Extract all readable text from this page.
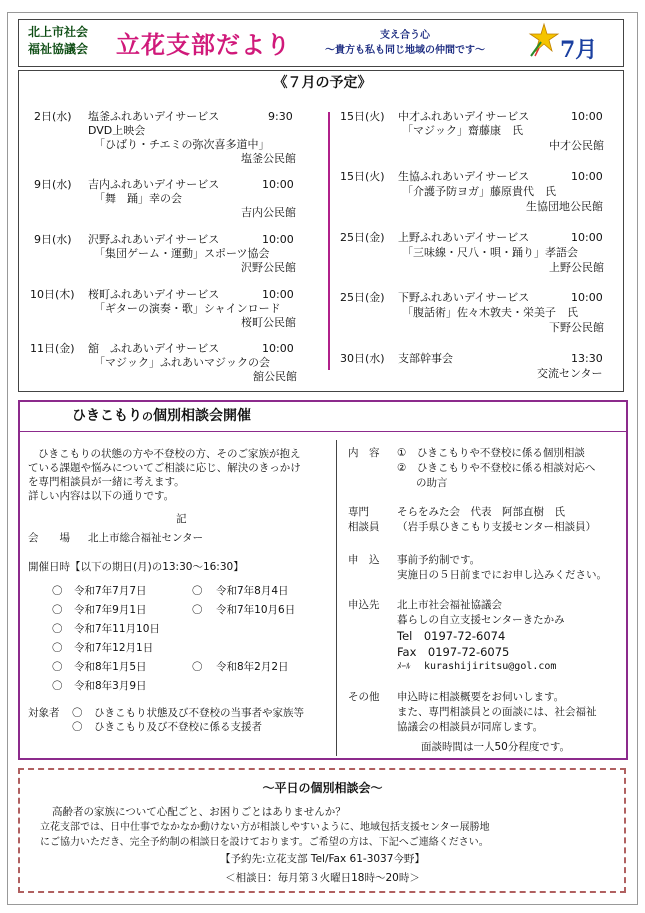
北上市社会
福祉協議会	立花支部だより	支え合う心
～貴方も私も同じ地域の仲間です～	7月
《７月の予定》
2日(水) 塩釜ふれあいデイサービス	9:30
DVD上映会
「ひばり・チエミの弥次喜多道中」
塩釜公民館
9日(水) 吉内ふれあいデイサービス	10:00
「舞　踊」幸の会
吉内公民館
9日(水) 沢野ふれあいデイサービス	10:00
「集団ゲーム・運動」スポーツ協会
沢野公民館
10日(木) 桜町ふれあいデイサービス	10:00
「ギターの演奏・歌」シャインロード
桜町公民館
11日(金) 舘　ふれあいデイサービス	10:00
「マジック」ふれあいマジックの会
舘公民館
15日(火) 中才ふれあいデイサービス	10:00
「マジック」齋藤康　氏
中才公民館
15日(火) 生協ふれあいデイサービス	10:00
「介護予防ヨガ」藤原貴代　氏
生協団地公民館
25日(金) 上野ふれあいデイサービス	10:00
「三味線・尺八・唄・踊り」孝語会
上野公民館
25日(金) 下野ふれあいデイサービス	10:00
「腹話術」佐々木敦夫・栄美子　氏
下野公民館
30日(水) 支部幹事会	13:30
交流センター
ひきこもりの個別相談会開催
ひきこもりの状態の方や不登校の方、そのご家族が抱え
ている課題や悩みについてご相談に応じ、解決のきっかけ
を専門相談員が一緒に考えます。
詳しい内容は以下の通りです。
記
会　　場 北上市総合福祉センター
開催日時【以下の期日(月)の13:30～16:30】
〇 令和7年7月7日	〇 令和7年8月4日
〇 令和7年9月1日	〇 令和7年10月6日
〇 令和7年11月10日
〇 令和7年12月1日
〇 令和8年1月5日	〇 令和8年2月2日
〇 令和8年3月9日
対象者 〇 ひきこもり状態及び不登校の当事者や家族等
〇 ひきこもり及び不登校に係る支援者
内　容 ①　ひきこもりや不登校に係る個別相談
②　ひきこもりや不登校に係る相談対応へ
の助言
専門
相談員
そらをみた会　代表　阿部直樹　氏
（岩手県ひきこもり支援センター相談員）
申　込 事前予約制です。
実施日の５日前までにお申し込みください。
申込先 北上市社会福祉協議会
暮らしの自立支援センターきたかみ
Tel　0197-72-6074
Fax　0197-72-6075
ﾒｰﾙ kurashijiritsu@gol.com
その他 申込時に相談概要をお伺いします。
また、専門相談員との面談には、社会福祉
協議会の相談員が同席します。
面談時間は一人50分程度です。
～平日の個別相談会～
高齢者の家族について心配ごと、お困りごとはありませんか？
立花支部では、日中仕事でなかなか動けない方が相談しやすいように、地域包括支援センター展勝地
にご協力いただき、完全予約制の相談日を設けております。ご希望の方は、下記へご連絡ください。
【予約先:立花支部 Tel/Fax 61-3037今野】
＜相談日：毎月第３火曜日18時～20時＞
